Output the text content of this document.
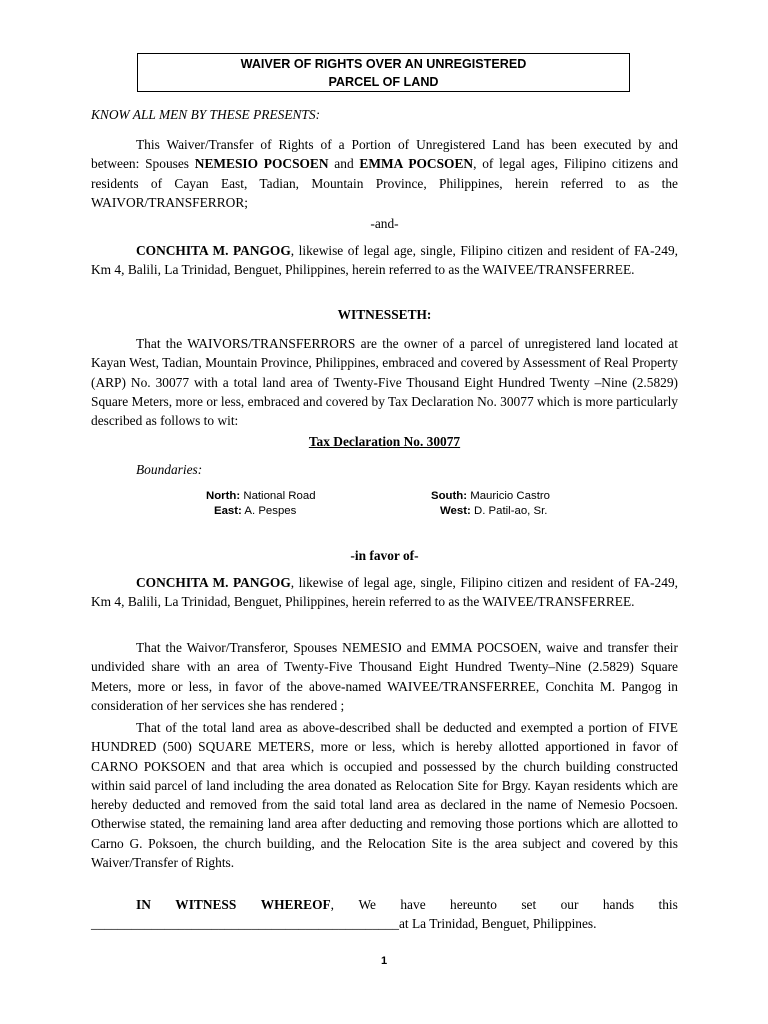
WAIVER OF RIGHTS OVER AN UNREGISTERED
PARCEL OF LAND

KNOW ALL MEN BY THESE PRESENTS:

This Waiver/Transfer of Rights of a Portion of Unregistered Land has been executed by and between: Spouses NEMESIO POCSOEN and EMMA POCSOEN, of legal ages, Filipino citizens and residents of Cayan East, Tadian, Mountain Province, Philippines, herein referred to as the WAIVOR/TRANSFERROR;

-and-

CONCHITA M. PANGOG, likewise of legal age, single, Filipino citizen and resident of FA-249, Km 4, Balili, La Trinidad, Benguet, Philippines, herein referred to as the WAIVEE/TRANSFERREE.

WITNESSETH:

That the WAIVORS/TRANSFERRORS are the owner of a parcel of unregistered land located at Kayan West, Tadian, Mountain Province, Philippines, embraced and covered by Assessment of Real Property (ARP) No. 30077 with a total land area of Twenty-Five Thousand Eight Hundred Twenty –Nine (2.5829) Square Meters, more or less, embraced and covered by Tax Declaration No. 30077 which is more particularly described as follows to wit:

Tax Declaration No. 30077

Boundaries:

North: National Road	South: Mauricio Castro
East: A. Pespes	West: D. Patil-ao, Sr.

-in favor of-

CONCHITA M. PANGOG, likewise of legal age, single, Filipino citizen and resident of FA-249, Km 4, Balili, La Trinidad, Benguet, Philippines, herein referred to as the WAIVEE/TRANSFERREE.

That the Waivor/Transferor, Spouses NEMESIO and EMMA POCSOEN, waive and transfer their undivided share with an area of Twenty-Five Thousand Eight Hundred Twenty–Nine (2.5829) Square Meters, more or less, in favor of the above-named WAIVEE/TRANSFERREE, Conchita M. Pangog in consideration of her services she has rendered ;

That of the total land area as above-described shall be deducted and exempted a portion of FIVE HUNDRED (500) SQUARE METERS, more or less, which is hereby allotted apportioned in favor of CARNO POKSOEN and that area which is occupied and possessed by the church building constructed within said parcel of land including the area donated as Relocation Site for Brgy. Kayan residents which are hereby deducted and removed from the said total land area as declared in the name of Nemesio Pocsoen. Otherwise stated, the remaining land area after deducting and removing those portions which are allotted to Carno G. Poksoen, the church building, and the Relocation Site is the area subject and covered by this Waiver/Transfer of Rights.

IN WITNESS WHEREOF, We have hereunto set our hands this
______________________________________________at La Trinidad, Benguet, Philippines.
1
